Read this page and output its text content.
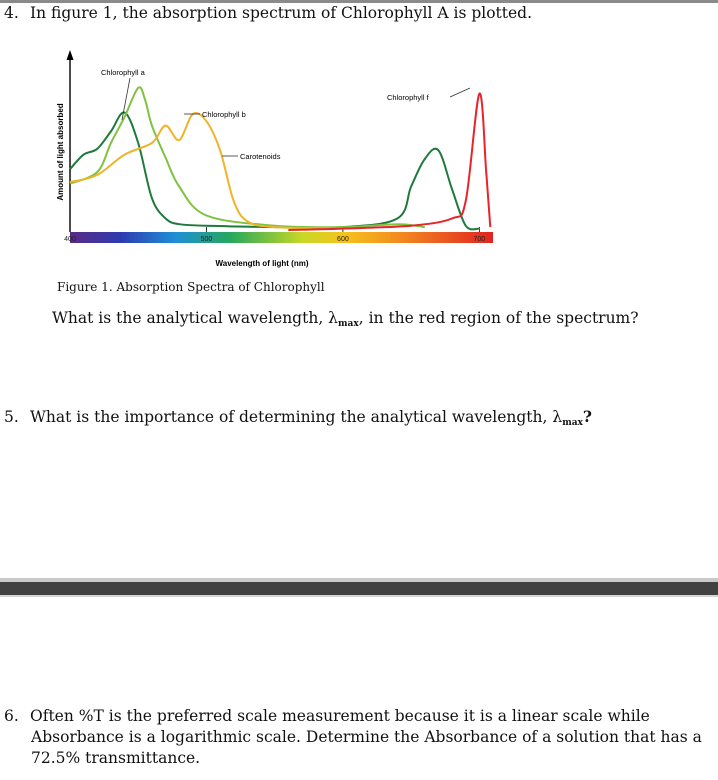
4. In figure 1, the absorption spectrum of Chlorophyll A is plotted.
Amount of light absorbed
400	500	600	700
Wavelength of light (nm)
Chlorophyll a
Chlorophyll b
Carotenoids
Chlorophyll f
Figure 1. Absorption Spectra of Chlorophyll
What is the analytical wavelength, $\lambda_{max}$, in the red region of the spectrum?
5. What is the importance of determining the analytical wavelength, $\lambda_{max}$?
6. Often %T is the preferred scale measurement because it is a linear scale while
Absorbance is a logarithmic scale. Determine the Absorbance of a solution that has a
72.5% transmittance.
